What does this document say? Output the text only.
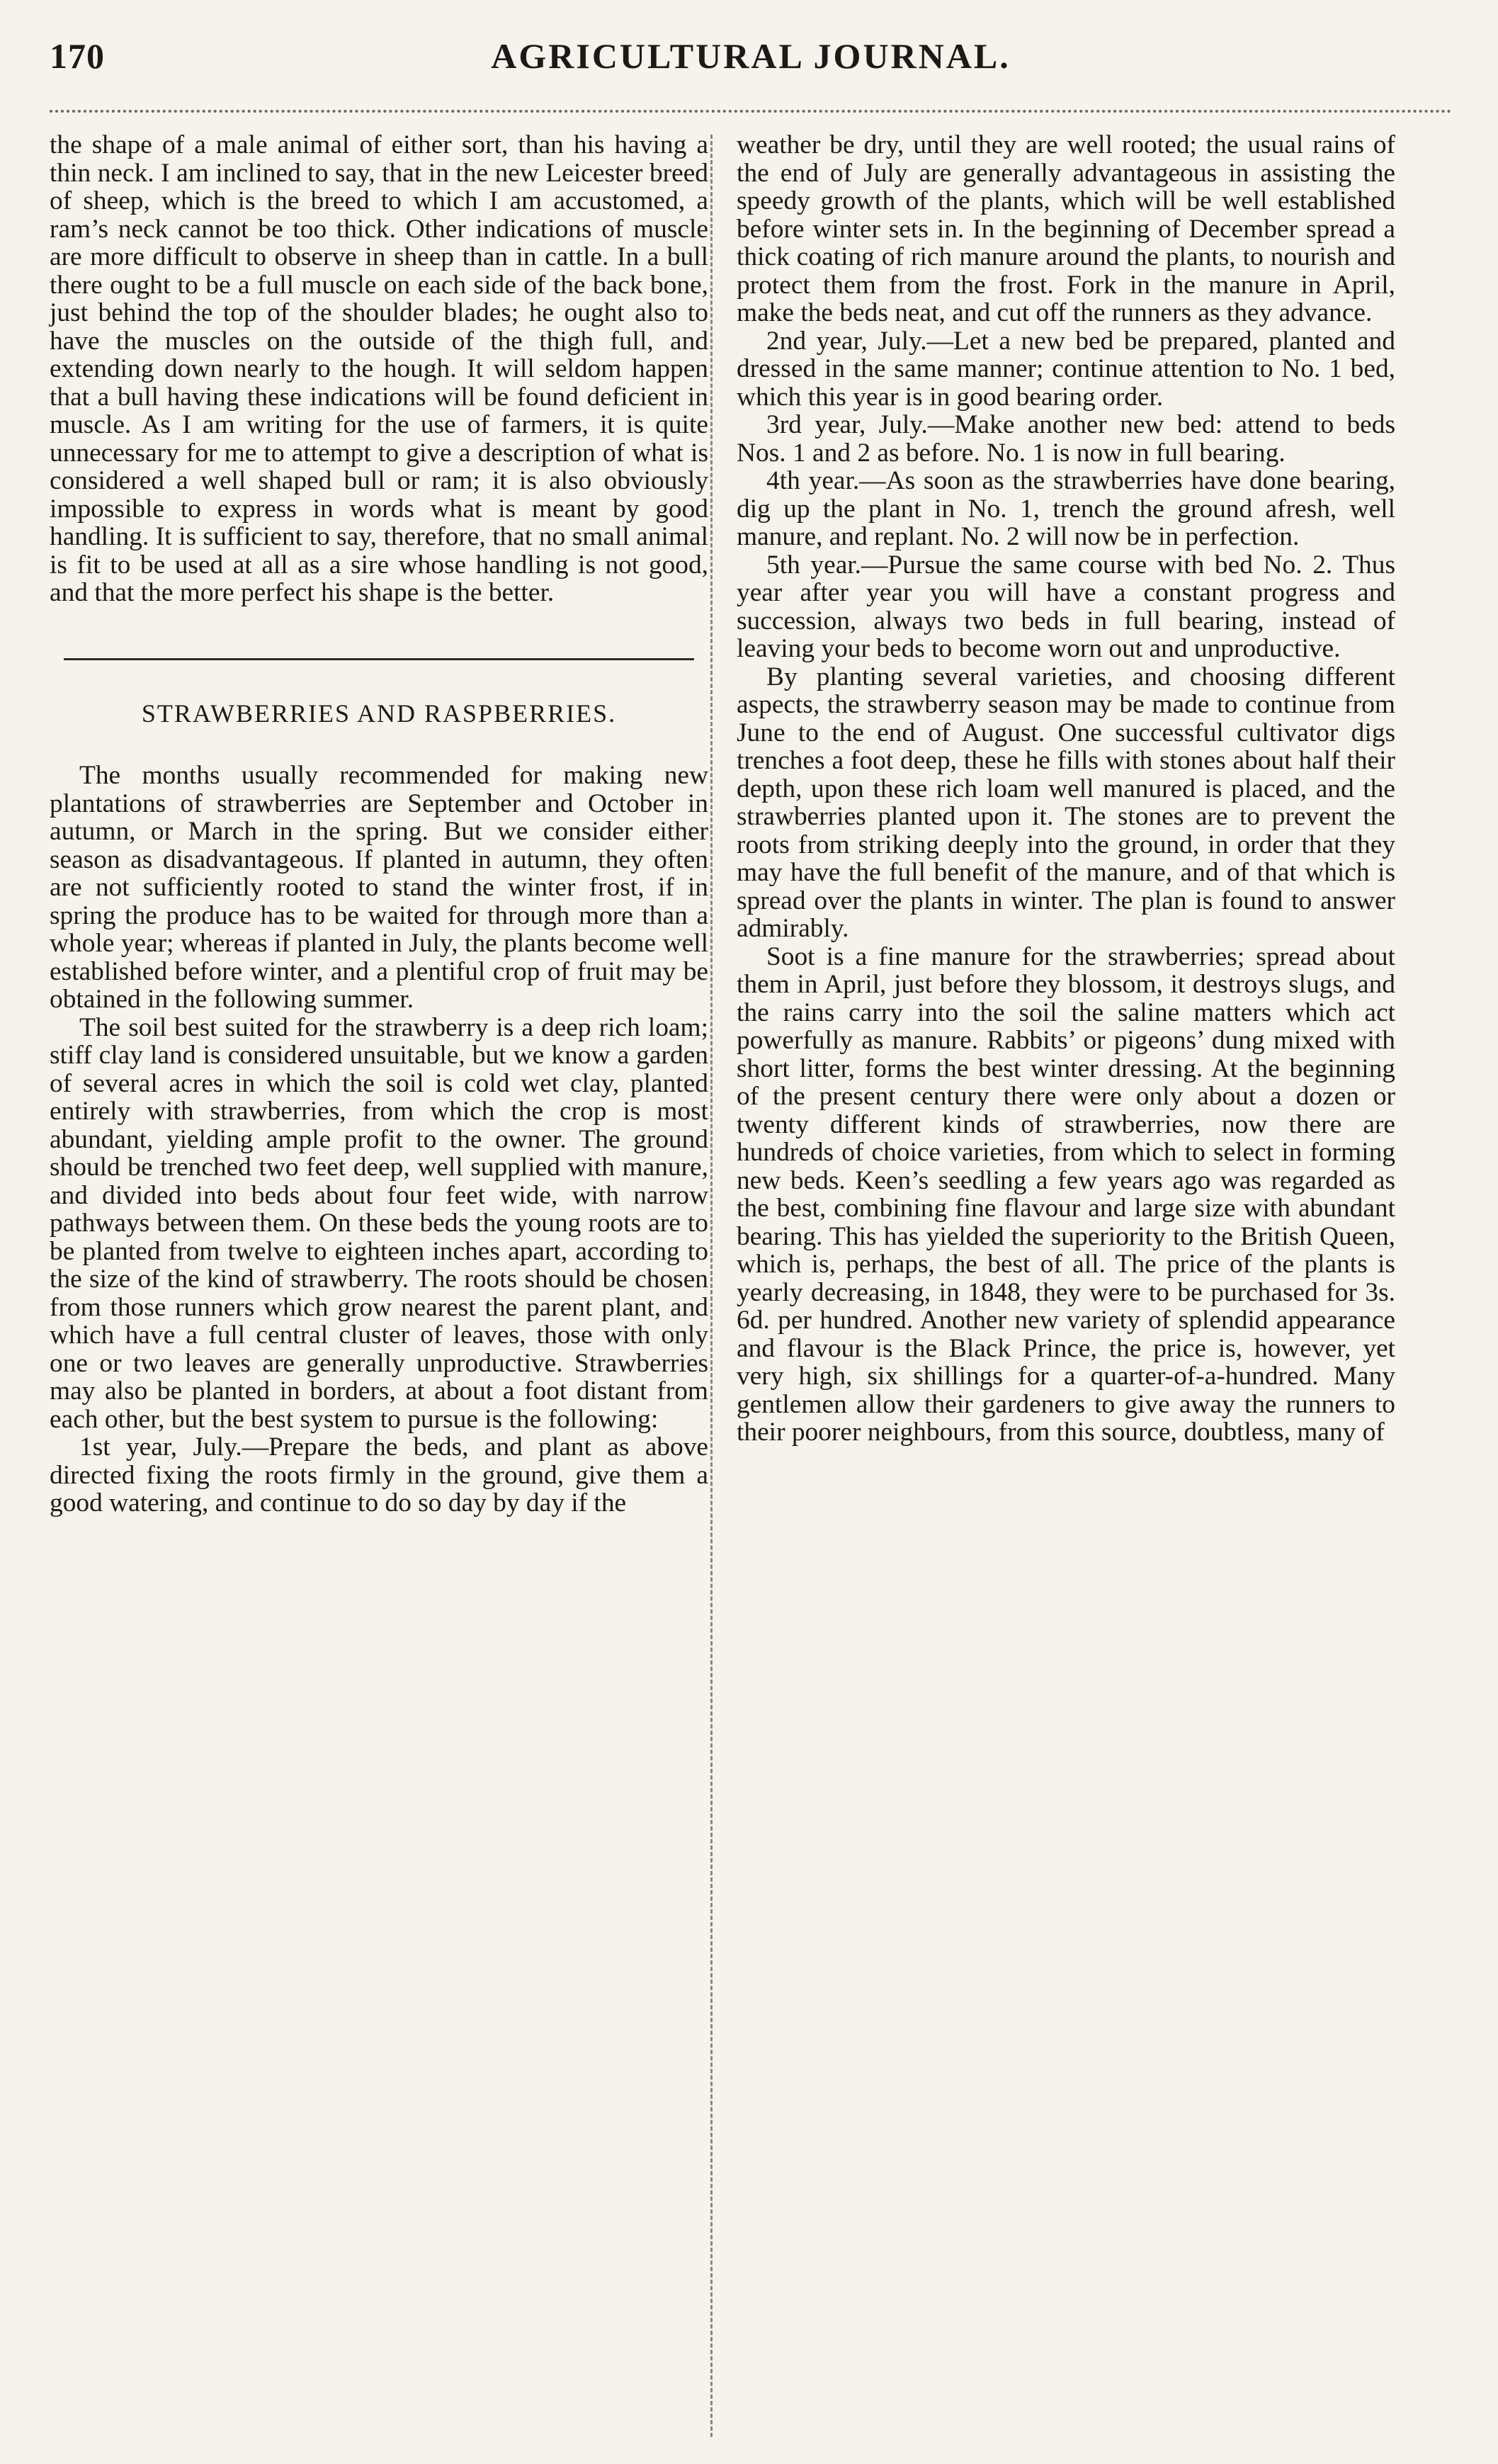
170	AGRICULTURAL JOURNAL.

the shape of a male animal of either sort, than his having a thin neck. I am inclined to say, that in the new Leicester breed of sheep, which is the breed to which I am accustomed, a ram’s neck cannot be too thick. Other indications of muscle are more difficult to observe in sheep than in cattle. In a bull there ought to be a full muscle on each side of the back bone, just behind the top of the shoulder blades; he ought also to have the muscles on the outside of the thigh full, and extending down nearly to the hough. It will seldom happen that a bull having these indications will be found deficient in muscle. As I am writing for the use of farmers, it is quite unnecessary for me to attempt to give a description of what is considered a well shaped bull or ram; it is also obviously impossible to express in words what is meant by good handling. It is sufficient to say, therefore, that no small animal is fit to be used at all as a sire whose handling is not good, and that the more perfect his shape is the better.

STRAWBERRIES AND RASPBERRIES.

The months usually recommended for making new plantations of strawberries are September and October in autumn, or March in the spring. But we consider either season as disadvantageous. If planted in autumn, they often are not sufficiently rooted to stand the winter frost, if in spring the produce has to be waited for through more than a whole year; whereas if planted in July, the plants become well established before winter, and a plentiful crop of fruit may be obtained in the following summer.

The soil best suited for the strawberry is a deep rich loam; stiff clay land is considered unsuitable, but we know a garden of several acres in which the soil is cold wet clay, planted entirely with strawberries, from which the crop is most abundant, yielding ample profit to the owner. The ground should be trenched two feet deep, well supplied with manure, and divided into beds about four feet wide, with narrow pathways between them. On these beds the young roots are to be planted from twelve to eighteen inches apart, according to the size of the kind of strawberry. The roots should be chosen from those runners which grow nearest the parent plant, and which have a full central cluster of leaves, those with only one or two leaves are generally unproductive. Strawberries may also be planted in borders, at about a foot distant from each other, but the best system to pursue is the following:

1st year, July.—Prepare the beds, and plant as above directed fixing the roots firmly in the ground, give them a good watering, and continue to do so day by day if the

weather be dry, until they are well rooted; the usual rains of the end of July are generally advantageous in assisting the speedy growth of the plants, which will be well established before winter sets in. In the beginning of December spread a thick coating of rich manure around the plants, to nourish and protect them from the frost. Fork in the manure in April, make the beds neat, and cut off the runners as they advance.

2nd year, July.—Let a new bed be prepared, planted and dressed in the same manner; continue attention to No. 1 bed, which this year is in good bearing order.

3rd year, July.—Make another new bed: attend to beds Nos. 1 and 2 as before. No. 1 is now in full bearing.

4th year.—As soon as the strawberries have done bearing, dig up the plant in No. 1, trench the ground afresh, well manure, and replant. No. 2 will now be in perfection.

5th year.—Pursue the same course with bed No. 2. Thus year after year you will have a constant progress and succession, always two beds in full bearing, instead of leaving your beds to become worn out and unproductive.

By planting several varieties, and choosing different aspects, the strawberry season may be made to continue from June to the end of August. One successful cultivator digs trenches a foot deep, these he fills with stones about half their depth, upon these rich loam well manured is placed, and the strawberries planted upon it. The stones are to prevent the roots from striking deeply into the ground, in order that they may have the full benefit of the manure, and of that which is spread over the plants in winter. The plan is found to answer admirably.

Soot is a fine manure for the strawberries; spread about them in April, just before they blossom, it destroys slugs, and the rains carry into the soil the saline matters which act powerfully as manure. Rabbits’ or pigeons’ dung mixed with short litter, forms the best winter dressing. At the beginning of the present century there were only about a dozen or twenty different kinds of strawberries, now there are hundreds of choice varieties, from which to select in forming new beds. Keen’s seedling a few years ago was regarded as the best, combining fine flavour and large size with abundant bearing. This has yielded the superiority to the British Queen, which is, perhaps, the best of all. The price of the plants is yearly decreasing, in 1848, they were to be purchased for 3s. 6d. per hundred. Another new variety of splendid appearance and flavour is the Black Prince, the price is, however, yet very high, six shillings for a quarter-of-a-hundred. Many gentlemen allow their gardeners to give away the runners to their poorer neighbours, from this source, doubtless, many of
